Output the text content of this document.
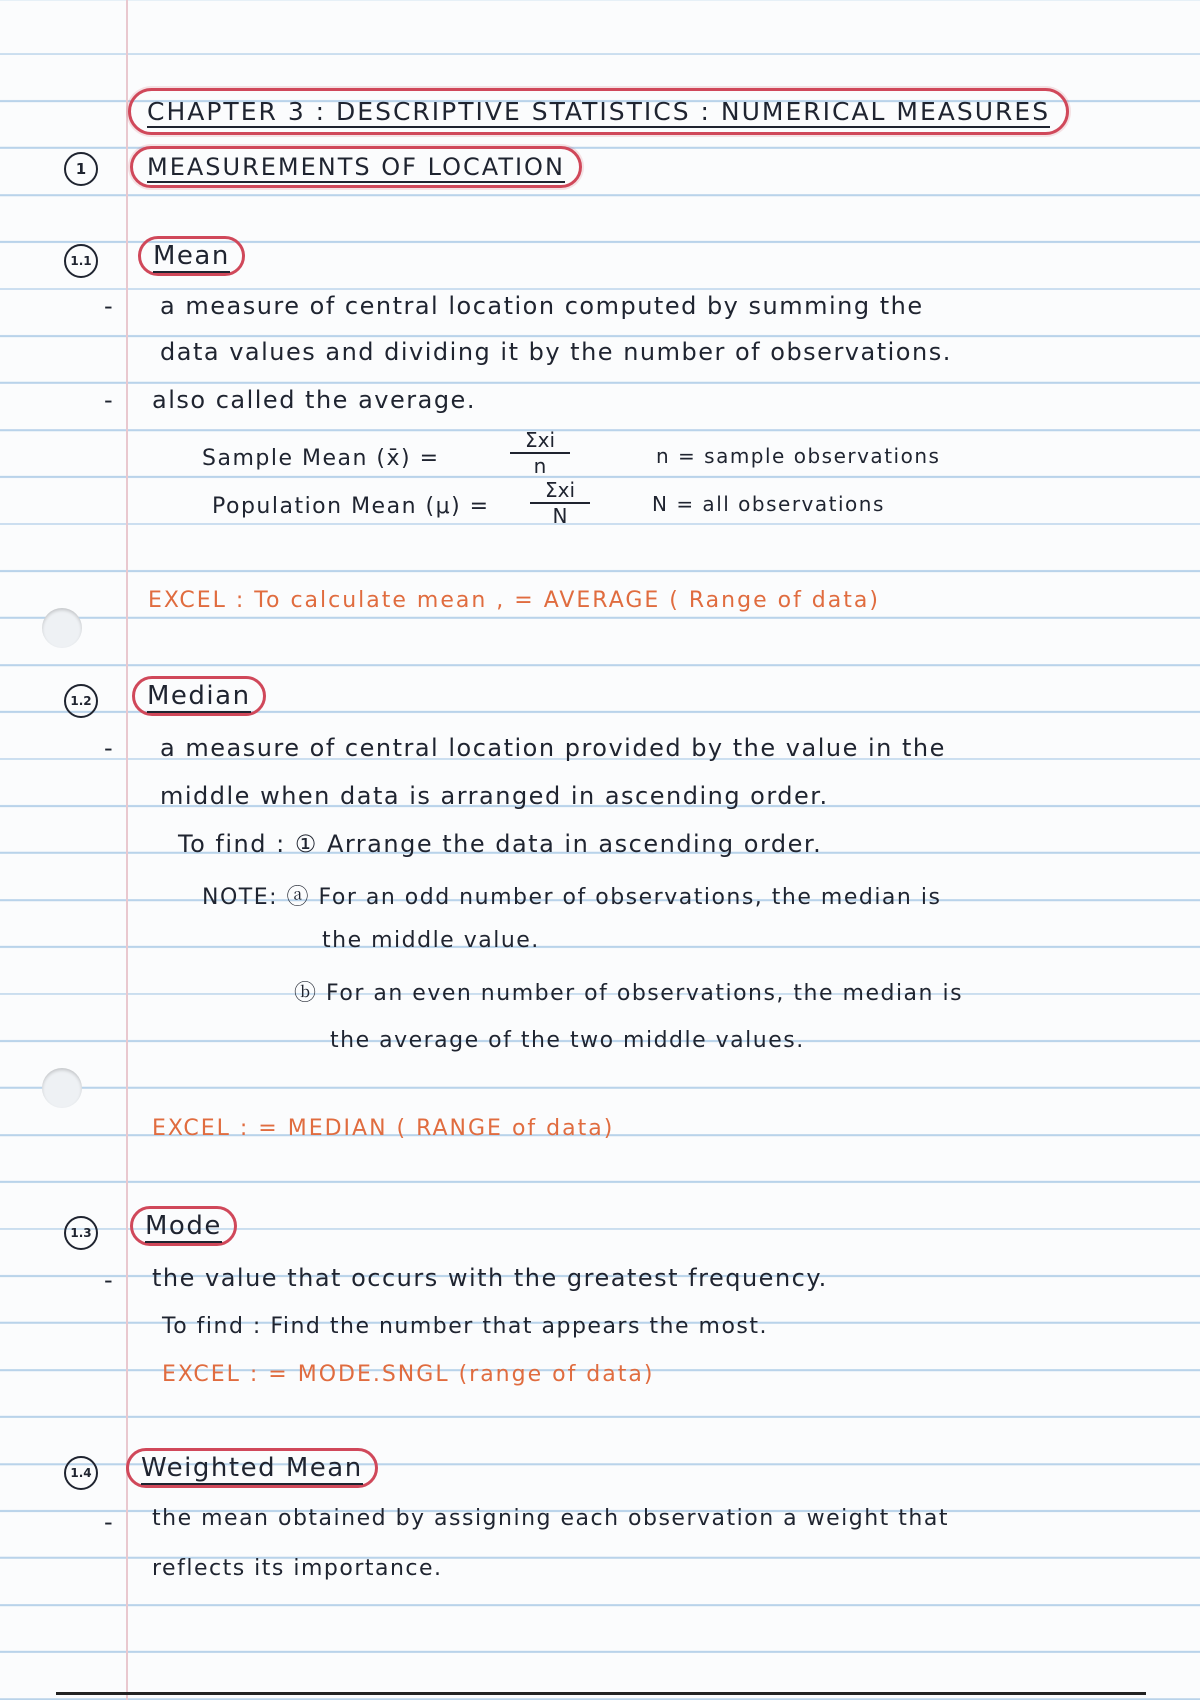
CHAPTER 3 : DESCRIPTIVE STATISTICS : NUMERICAL MEASURES
1	MEASUREMENTS OF LOCATION
1.1	Mean
- a measure of central location computed by summing the
data values and dividing it by the number of observations.
- also called the average.
Sample Mean (x̄) =
Σxi
n	n = sample observations
Population Mean (μ) =
Σxi
N	N = all observations
EXCEL : To calculate mean , = AVERAGE ( Range of data)
1.2	Median
- a measure of central location provided by the value in the
middle when data is arranged in ascending order.
To find : ① Arrange the data in ascending order.
NOTE: ⓐ For an odd number of observations, the median is
the middle value.
ⓑ For an even number of observations, the median is
the average of the two middle values.
EXCEL : = MEDIAN ( RANGE of data)
1.3	Mode
- the value that occurs with the greatest frequency.
To find : Find the number that appears the most.
EXCEL : = MODE.SNGL (range of data)
1.4	Weighted Mean
- the mean obtained by assigning each observation a weight that
reflects its importance.
